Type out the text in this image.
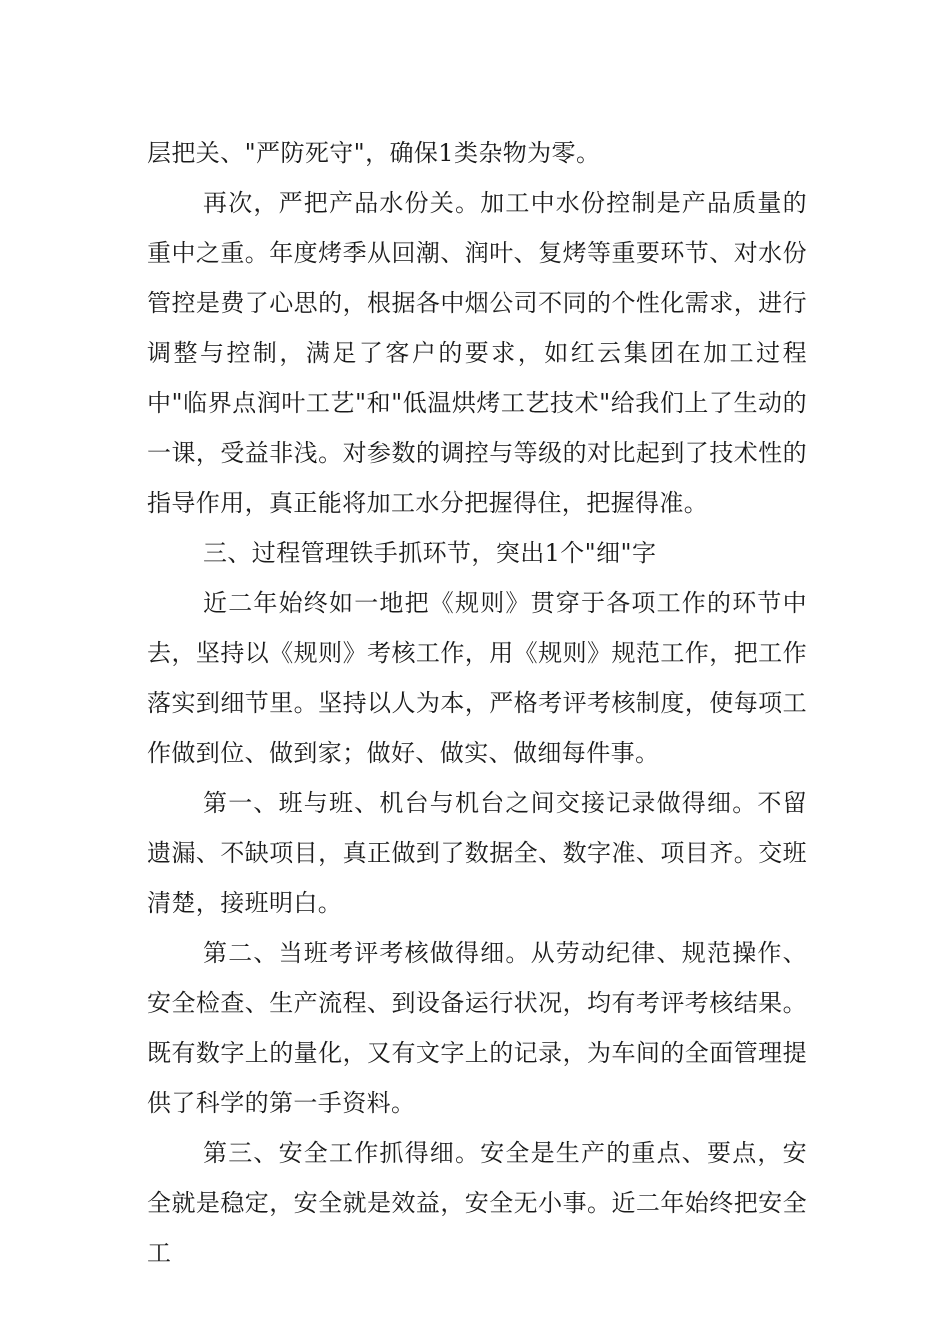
层把关、"严防死守"，确保1类杂物为零。

再次，严把产品水份关。加工中水份控制是产品质量的重中之重。年度烤季从回潮、润叶、复烤等重要环节、对水份管控是费了心思的，根据各中烟公司不同的个性化需求，进行调整与控制，满足了客户的要求，如红云集团在加工过程中"临界点润叶工艺"和"低温烘烤工艺技术"给我们上了生动的一课，受益非浅。对参数的调控与等级的对比起到了技术性的指导作用，真正能将加工水分把握得住，把握得准。

三、过程管理铁手抓环节，突出1个"细"字

近二年始终如一地把《规则》贯穿于各项工作的环节中去，坚持以《规则》考核工作，用《规则》规范工作，把工作落实到细节里。坚持以人为本，严格考评考核制度，使每项工作做到位、做到家；做好、做实、做细每件事。

第一、班与班、机台与机台之间交接记录做得细。不留遗漏、不缺项目，真正做到了数据全、数字准、项目齐。交班清楚，接班明白。

第二、当班考评考核做得细。从劳动纪律、规范操作、安全检查、生产流程、到设备运行状况，均有考评考核结果。既有数字上的量化，又有文字上的记录，为车间的全面管理提供了科学的第一手资料。

第三、安全工作抓得细。安全是生产的重点、要点，安全就是稳定，安全就是效益，安全无小事。近二年始终把安全工
